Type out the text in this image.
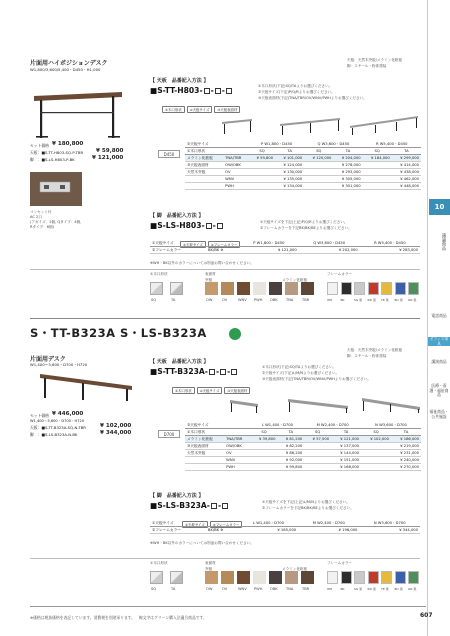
10
議論商品
電話商品
オフィス家具
講演商品
医療・看護・福祉商品
福祉商品・公共施設
片面用ハイポジションデスク
W1,800/3,600/5,400・D450・H1,000
セット価格 ¥ 180,800
天板：■S-TT-H803-SQ-P-TBR ¥ 59,800
脚　：■S-LS-H803-P-BK	¥ 121,000
コンセント付
AC 2口
(アガイズ：2個, Qタイプ：4個,
Rタイプ：6個)
天板：天然木突板/メラミン化粧板
脚：スチール・粉体塗装
【 天板　品番記入方法 】
■S-TT-H803- - -
①木口形状 ②天板サイズ ③天板表面材
①木口形状(下記)SQ/TAよりお選びください。
②天板サイズ(下記)P/Q/Rよりお選びください。
③天板表面材(下記)TNA/TBR/OV/WNV/PWHよりお選びください。
D450
②天板サイズ		P W1,800・D450		Q W3,600・D450		R W5,400・D450	
①木口形状		SQ	TA	SQ	TA	SQ	TA
メラミン化粧板	TNA/TBR	¥ 59,800	¥ 101,000	¥ 120,000	¥ 204,000	¥ 184,000	¥ 299,000
③天板表面材	OW/OBK	¥ 124,000		¥ 278,000		¥ 414,000	
天然木突板	OV	¥ 130,000		¥ 293,000		¥ 438,000	
	WNV	¥ 135,000		¥ 305,000		¥ 462,000	
	PWH	¥ 134,000		¥ 301,000		¥ 448,000	
【 脚　品番記入方法 】
■S-LS-H803- -
①天板サイズ ②フレームカラー
①天板サイズを下記(上記)P/Q/Rよりお選びください。
②フレームカラーを下記BK/BK/BEよりお選びください。
①天板サイズ		P W1,800・D450	Q W3,600・D450	R W5,400・D450
②フレームカラー	BK/BK ※	¥ 121,000	¥ 202,000	¥ 283,000
※WH・BK以外のカラーについては別途お問い合わせください。
①木口形状	表面材
突板	メラミン化粧板
フレームカラー
SQ	TA	OW	OV	WNV PWH OBK TNA TBR	WH	BK	SG 黒 RD 黒 YE 黒 BU 黒 GR 黒
S・TT-B323A S・LS-B323A
片面用デスク
W1,400～3,600・D700・H720
セット価格 ¥ 446,000
W1,400～3,600・D700・H720
天板：■S-TT-B323A-SQ-N-TBR	¥ 102,000
脚　：■S-LS-B323A-N-BK	¥ 344,000
天板：天然木突板/メラミン化粧板
脚：スチール・粉体塗装
【 天板　品番記入方法 】
■S-TT-B323A- - -
①木口形状 ②天板サイズ ③天板表面材
①木口形状(下記)SQ/TAよりお選びください。
②天板サイズ(下記)L/M/Nよりお選びください。
③天板表面材(下記)TNA/TBR/OV/WNV/PWHよりお選びください。
D700
②天板サイズ		L W1,400・D700		M W2,400・D700		N W3,600・D700	
①木口形状		SQ	TA	SQ	TA	SQ	TA
メラミン化粧板	TNA/TBR	¥ 39,800	¥ 81,200	¥ 57,500	¥ 121,000	¥ 102,000	¥ 186,000
③天板表面材	OW/OBK	¥ 82,200		¥ 137,000		¥ 219,000	
天然木突板	OV	¥ 86,200		¥ 144,000		¥ 231,000	
	WNV	¥ 92,000		¥ 151,000		¥ 240,000	
	PWH	¥ 99,800		¥ 168,000		¥ 270,000	
【 脚　品番記入方法 】
■S-LS-B323A- -
①天板サイズ ②フレームカラー
①天板サイズを下記(上記)L/M/Nよりお選びください。
②フレームカラーを下記BK/BK/BEよりお選びください。
①天板サイズ		L W1,400・D700	M W2,400・D700	N W3,600・D700
②フレームカラー	BK/BK ※	¥ 165,000	¥ 196,000	¥ 344,000
※WH・BK以外のカラーについては別途お問い合わせください。
①木口形状	表面材
突板	メラミン化粧板
フレームカラー
SQ	TA	OW	OV	WNV PWH OBK TNA TBR	WH	BK	SG 黒 RD 黒 YE 黒 BU 黒 GR 黒
※価格は税抜価格を表記しています。消費税を別途承ります。　線文字はグリーン購入法適合商品です。	607
